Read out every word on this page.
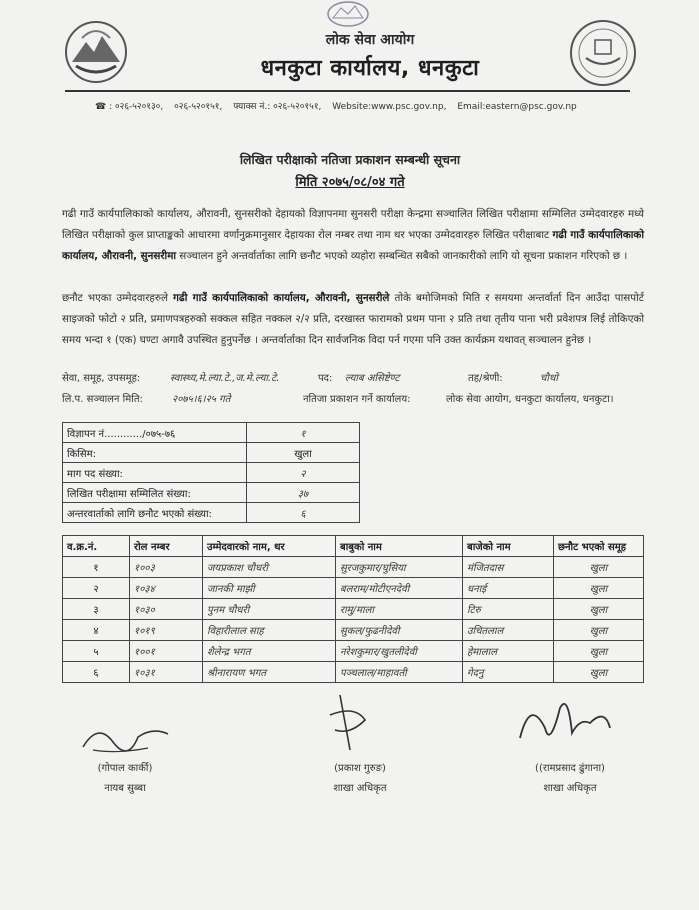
लोक सेवा आयोग
धनकुटा कार्यालय, धनकुटा
☎ : ०२६-५२०१३०, ०२६-५२०१५१, फ्याक्स नं.: ०२६-५२०१५१, Website:www.psc.gov.np, Email:eastern@psc.gov.np
लिखित परीक्षाको नतिजा प्रकाशन सम्बन्धी सूचना
मिति २०७५/०८/०४ गते
गढी गाउँ कार्यपालिकाको कार्यालय, औरावनी, सुनसरीको देहायको विज्ञापनमा सुनसरी परीक्षा केन्द्रमा सञ्चालित लिखित परीक्षामा सम्मिलित उम्मेदवारहरु मध्ये लिखित परीक्षाको कुल प्राप्ताङ्कको आधारमा वर्णानुक्रमानुसार देहायका रोल नम्बर तथा नाम थर भएका उम्मेदवारहरु लिखित परीक्षाबाट गढी गाउँ कार्यपालिकाको कार्यालय, औरावनी, सुनसरीमा सञ्चालन हुने अन्तर्वार्ताका लागि छनौट भएको व्यहोरा सम्बन्धित सबैको जानकारीको लागि यो सूचना प्रकाशन गरिएको छ ।
छनौट भएका उम्मेदवारहरुले गढी गाउँ कार्यपालिकाको कार्यालय, औरावनी, सुनसरीले तोके बमोजिमको मिति र समयमा अन्तर्वार्ता दिन आउँदा पासपोर्ट साइजको फोटो २ प्रति, प्रमाणपत्रहरुको सक्कल सहित नक्कल २/२ प्रति, दरखास्त फारामको प्रथम पाना २ प्रति तथा तृतीय पाना भरी प्रवेशपत्र लिई तोकिएको समय भन्दा १ (एक) घण्टा अगावै उपस्थित हुनुपर्नेछ । अन्तर्वार्ताका दिन सार्वजनिक विदा पर्न गएमा पनि उक्त कार्यक्रम यथावत् सञ्चालन हुनेछ ।
सेवा, समूह, उपसमूह:	स्वास्थ्य,मे.ल्या.टे.,ज.मे.ल्या.टे.	पद: ल्याब असिष्टेण्ट	तह/श्रेणी:	चौथो
लि.प. सञ्चालन मिति:	२०७५।६।२५ गते	नतिजा प्रकाशन गर्ने कार्यालय:	लोक सेवा आयोग, धनकुटा कार्यालय, धनकुटा।
विज्ञापन नं............/०७५-७६	१
किसिम:	खुला
माग पद संख्या:	२
लिखित परीक्षामा सम्मिलित संख्या:	३७
अन्तरवार्ताको लागि छनौट भएको संख्या:	६
व.क्र.नं.	रोल नम्बर	उम्मेदवारको नाम, थर	बाबुको नाम	बाजेको नाम	छनौट भएको समूह
१	१००३	जयप्रकाश चौधरी	सुरजकुमार/घुसिया	मंजितदास	खुला
२	१०३४	जानकी माझी	बलराम/मोटीएनदेवी	धनाई	खुला
३	१०३०	पुनम चौधरी	रामु/माला	टिरु	खुला
४	१०१९	विहारीलाल साह	सुकल/फुढनीदेवी	उचितलाल	खुला
५	१००१	शैलेन्द्र भगत	नरेशकुमार/खुतलीदेवी	हेमालाल	खुला
६	१०३१	श्रीनारायण भगत	पञ्चलाल/माहावती	गेदनु	खुला
(गोपाल कार्की)
नायब सुब्बा
(प्रकाश गुरुङ)
शाखा अधिकृत
((रामप्रसाद ढुंगाना)
शाखा अधिकृत
